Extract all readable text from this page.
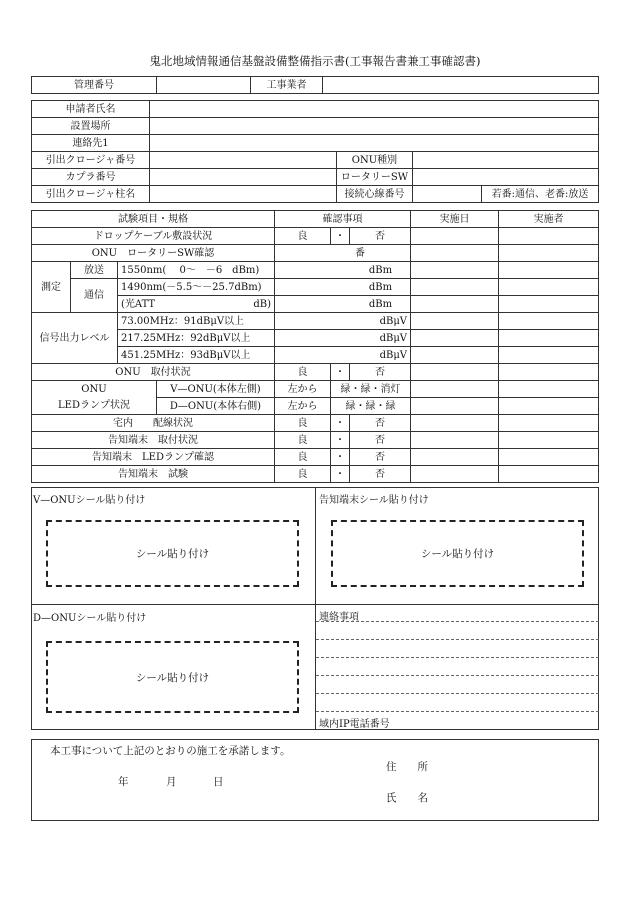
鬼北地域情報通信基盤設備整備指示書(工事報告書兼工事確認書)
管理番号		工事業者	
申請者氏名				
設置場所				
連絡先1				
引出クロージャ番号		ONU種別		
カプラ番号		ロータリーSW		
引出クロージャ柱名		接続心線番号		若番:通信、老番:放送
試験項目・規格				確認事項			実施日	実施者
ドロップケーブル敷設状況				良	・	否		
ONU　ロータリーSW確認				番				
測定	放送	1550nm(　 0～　－6　dBm)		dBm				
	通信	1490nm(－5.5～－25.7dBm)		dBm				
		(光ATT dB)		dBm				
信号出力レベル		73.00MHz：91dBμV以上		dBμV				
		217.25MHz：92dBμV以上		dBμV				
		451.25MHz：93dBμV以上		dBμV				
ONU　取付状況				良	・	否		
ONU
LEDランプ状況			V—ONU(本体左側)	左から	緑・緑・消灯			
			D—ONU(本体右側)	左から	緑・緑・緑			
宅内　　配線状況				良	・	否		
告知端末　取付状況				良	・	否		
告知端末　LEDランプ確認				良	・	否		
告知端末　試験				良	・	否		
V—ONUシール貼り付け	告知端末シール貼り付け
D—ONUシール貼り付け	連絡事項
シール貼り付け	シール貼り付け
シール貼り付け
域内IP電話番号
本工事について上記のとおりの施工を承諾します。
年	月	日
住　　所
氏　　名
